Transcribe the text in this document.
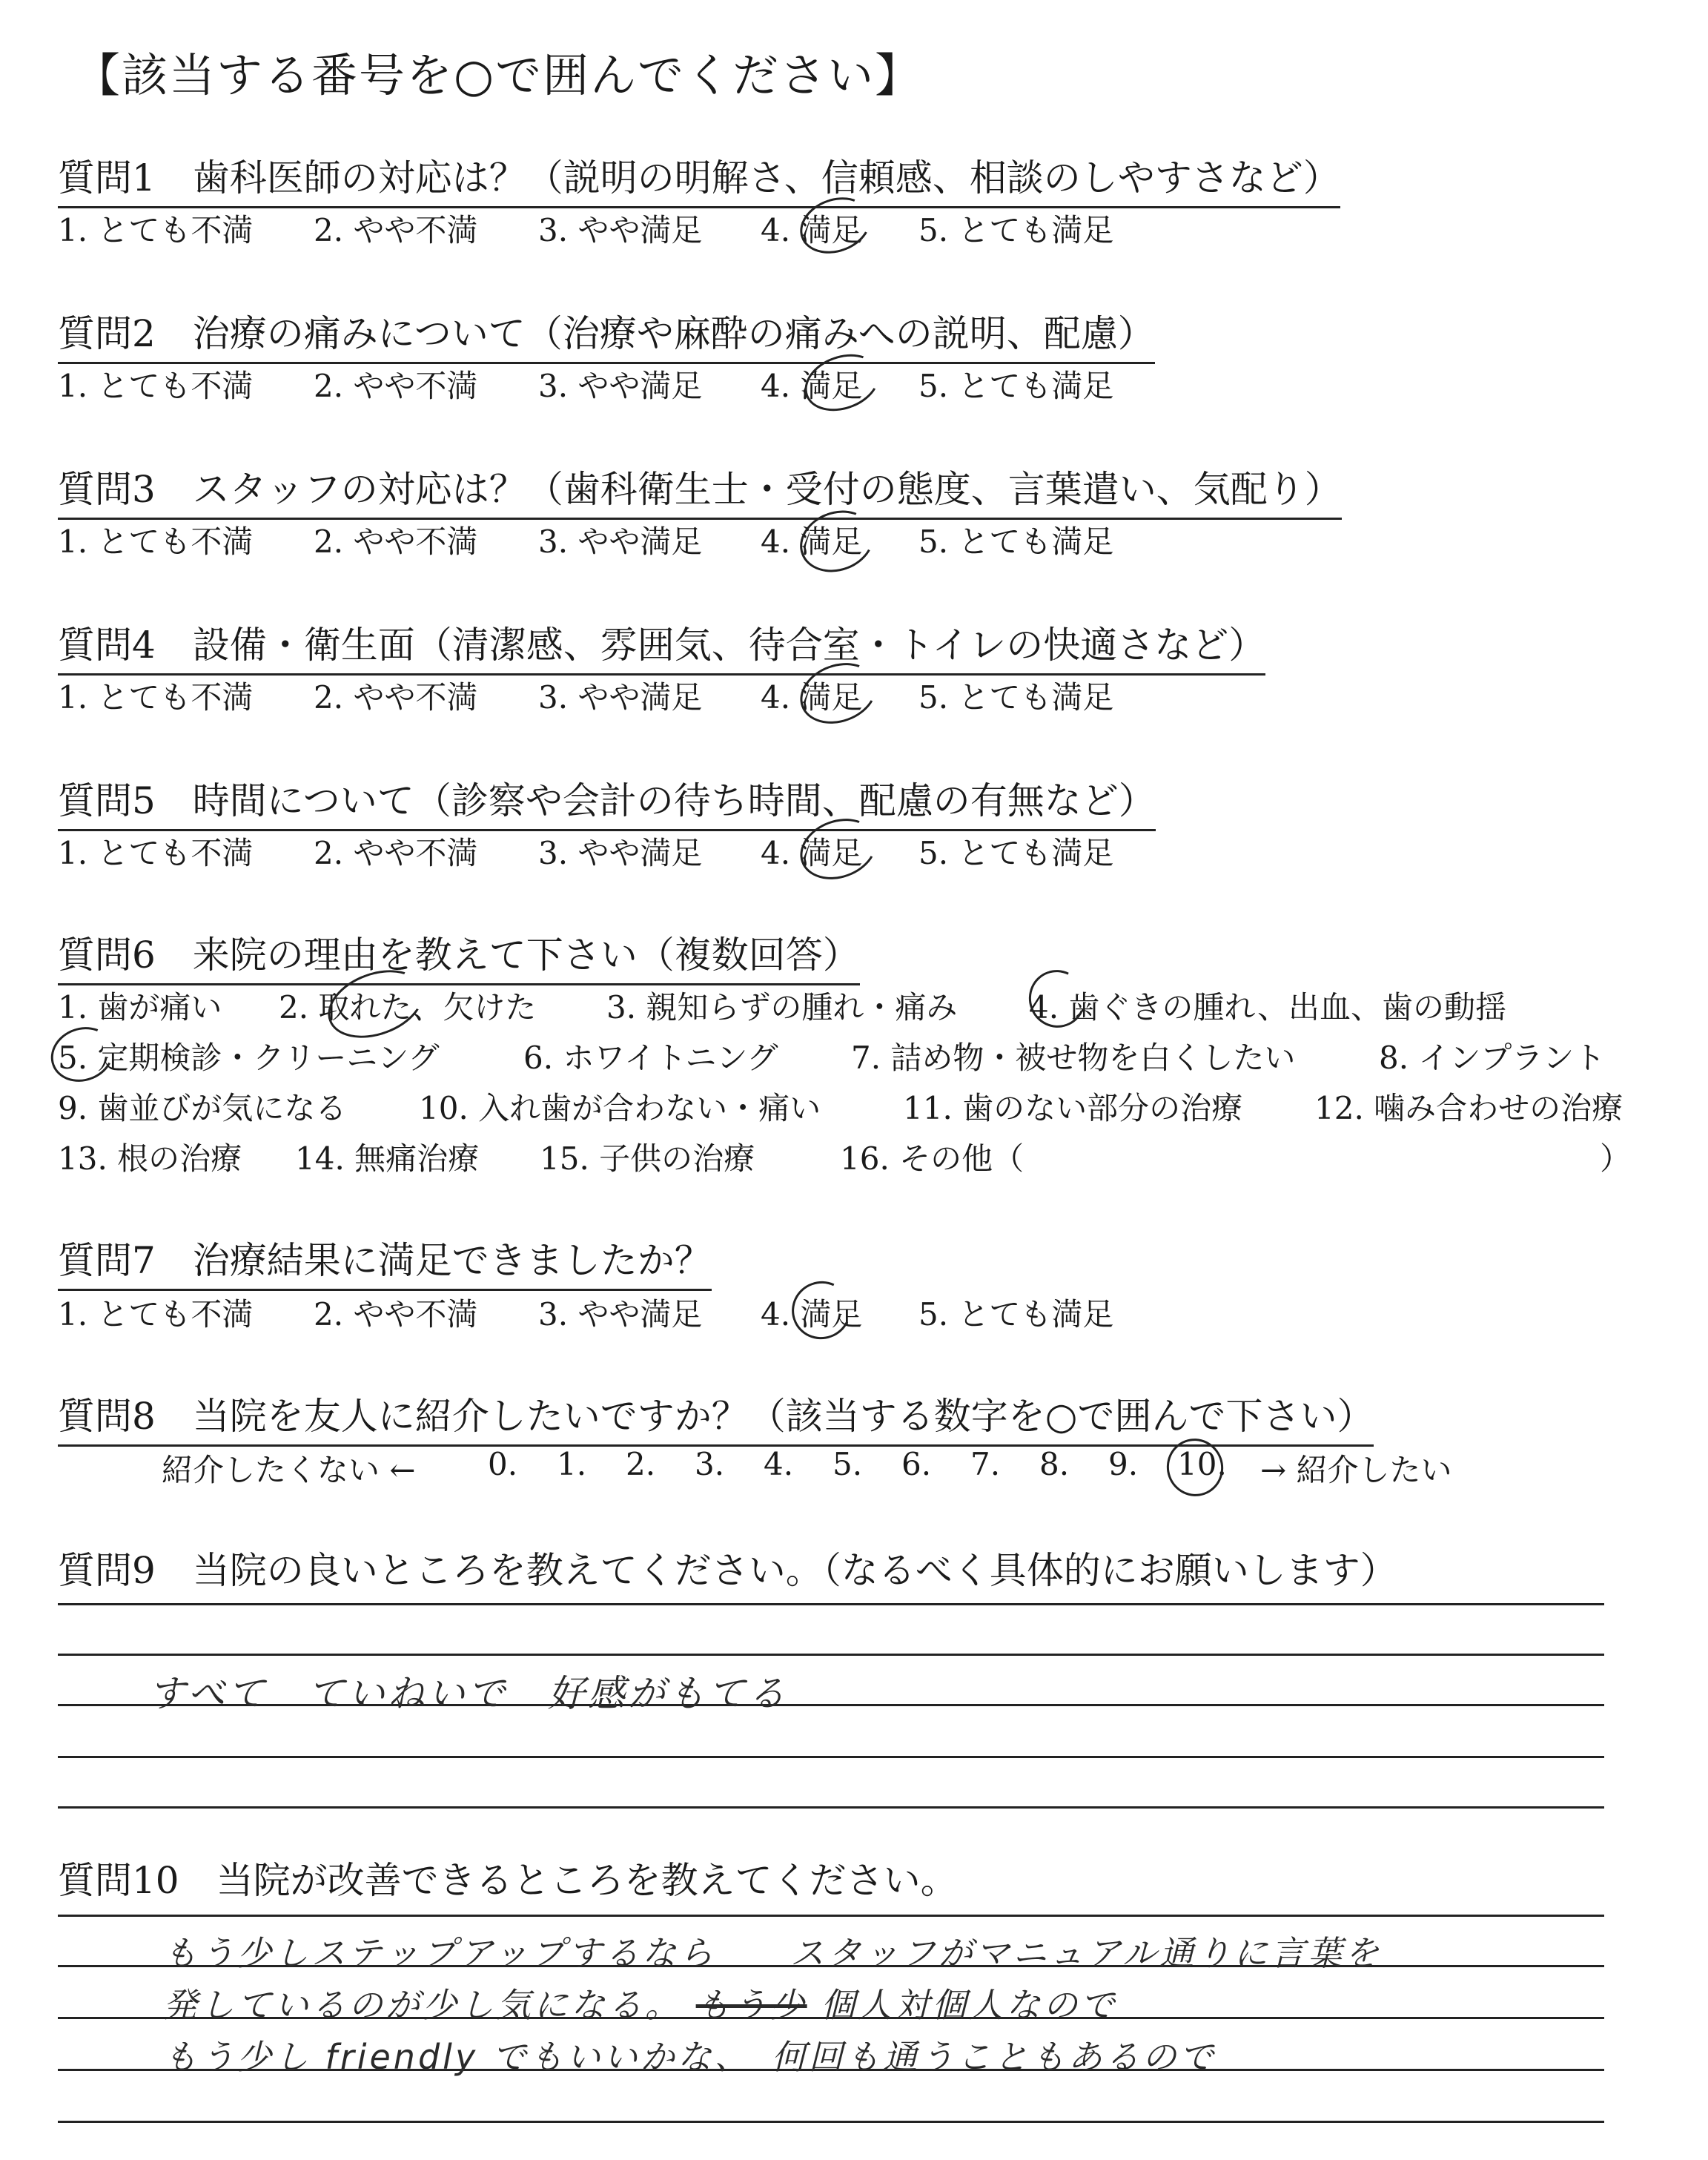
【該当する番号を○で囲んでください】
質問1　歯科医師の対応は？（説明の明解さ、信頼感、相談のしやすさなど）
1. とても不満 2. やや不満 3. やや満足 4. 満足 5. とても満足
質問2　治療の痛みについて（治療や麻酔の痛みへの説明、配慮）
1. とても不満 2. やや不満 3. やや満足 4. 満足 5. とても満足
質問3　スタッフの対応は？（歯科衛生士・受付の態度、言葉遣い、気配り）
1. とても不満 2. やや不満 3. やや満足 4. 満足 5. とても満足
質問4　設備・衛生面（清潔感、雰囲気、待合室・トイレの快適さなど）
1. とても不満 2. やや不満 3. やや満足 4. 満足 5. とても満足
質問5　時間について（診察や会計の待ち時間、配慮の有無など）
1. とても不満 2. やや不満 3. やや満足 4. 満足 5. とても満足
質問6　来院の理由を教えて下さい（複数回答）
1. 歯が痛い 2. 取れた、欠けた 3. 親知らずの腫れ・痛み 4. 歯ぐきの腫れ、出血、歯の動揺
5. 定期検診・クリーニング	6. ホワイトニング 7. 詰め物・被せ物を白くしたい	8. インプラント
9. 歯並びが気になる 10. 入れ歯が合わない・痛い	11. 歯のない部分の治療 12. 噛み合わせの治療
13. 根の治療 14. 無痛治療 15. 子供の治療	16. その他（	）
質問7　治療結果に満足できましたか？
1. とても不満 2. やや不満 3. やや満足 4. 満足 5. とても満足
質問8　当院を友人に紹介したいですか？（該当する数字を○で囲んで下さい）
紹介したくない ← 0. 1. 2. 3. 4. 5. 6. 7. 8. 9. 10. → 紹介したい
質問9　当院の良いところを教えてください。（なるべく具体的にお願いします）
すべて　ていねいで　好感がもてる
質問10　当院が改善できるところを教えてください。
もう少しステップアップするなら　　スタッフがマニュアル通りに言葉を
発しているのが少し気になる。 もう少 個人対個人なので
もう少し friendly でもいいかな、　何回も通うこともあるので
